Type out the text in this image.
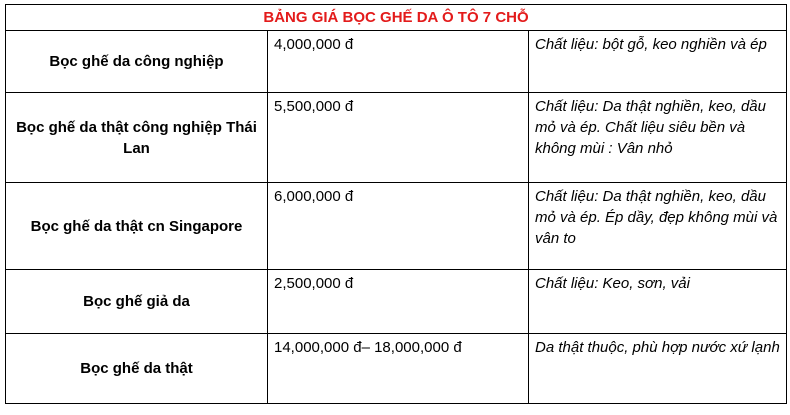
BẢNG GIÁ BỌC GHẾ DA Ô TÔ 7 CHỖ		
Bọc ghế da công nghiệp	4,000,000 đ	Chất liệu: bột gỗ, keo nghiền và ép
Bọc ghế da thật công nghiệp Thái Lan	5,500,000 đ	Chất liệu: Da thật nghiền, keo, dầu mỏ và ép. Chất liệu siêu bền và không mùi : Vân nhỏ
Bọc ghế da thật cn Singapore	6,000,000 đ	Chất liệu: Da thật nghiền, keo, dầu mỏ và ép. Ép dầy, đẹp không mùi và vân to
Bọc ghế giả da	2,500,000 đ	Chất liệu: Keo, sơn, vải
Bọc ghế da thật	14,000,000 đ– 18,000,000 đ	Da thật thuộc, phù hợp nước xứ lạnh
